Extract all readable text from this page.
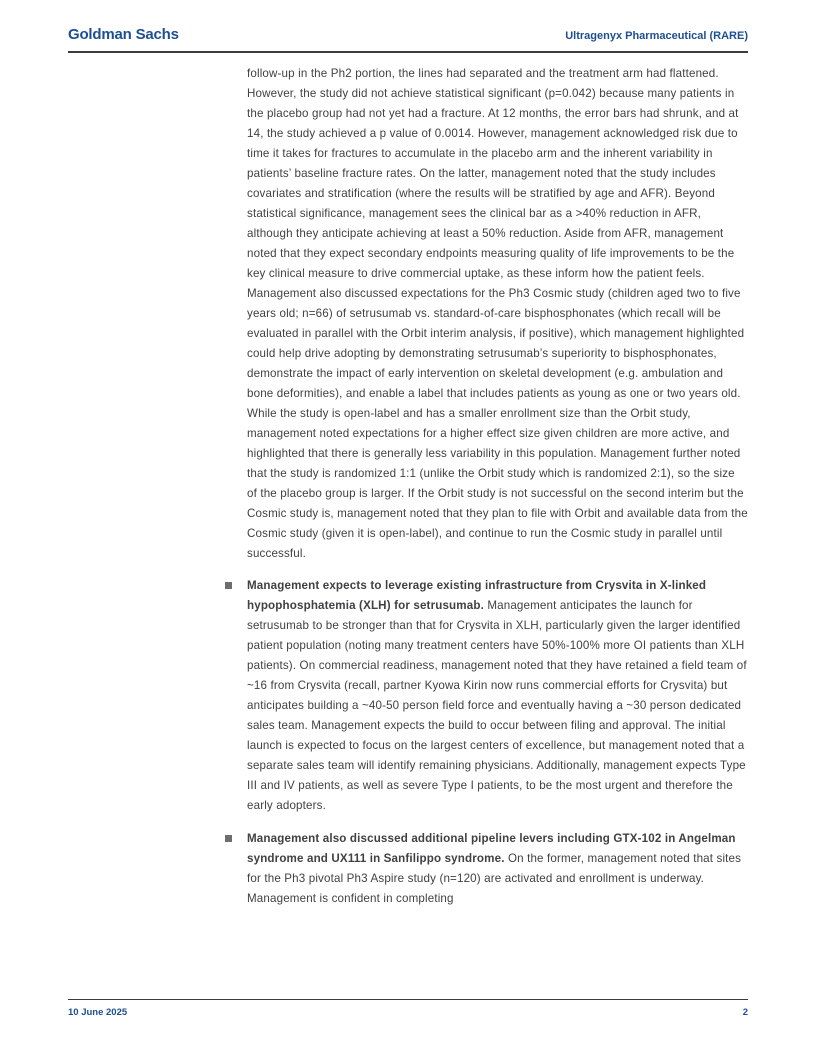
Goldman Sachs	Ultragenyx Pharmaceutical (RARE)

follow-up in the Ph2 portion, the lines had separated and the treatment arm had flattened. However, the study did not achieve statistical significant (p=0.042) because many patients in the placebo group had not yet had a fracture. At 12 months, the error bars had shrunk, and at 14, the study achieved a p value of 0.0014. However, management acknowledged risk due to time it takes for fractures to accumulate in the placebo arm and the inherent variability in patients’ baseline fracture rates. On the latter, management noted that the study includes covariates and stratification (where the results will be stratified by age and AFR). Beyond statistical significance, management sees the clinical bar as a >40% reduction in AFR, although they anticipate achieving at least a 50% reduction. Aside from AFR, management noted that they expect secondary endpoints measuring quality of life improvements to be the key clinical measure to drive commercial uptake, as these inform how the patient feels. Management also discussed expectations for the Ph3 Cosmic study (children aged two to five years old; n=66) of setrusumab vs. standard-of-care bisphosphonates (which recall will be evaluated in parallel with the Orbit interim analysis, if positive), which management highlighted could help drive adopting by demonstrating setrusumab’s superiority to bisphosphonates, demonstrate the impact of early intervention on skeletal development (e.g. ambulation and bone deformities), and enable a label that includes patients as young as one or two years old. While the study is open-label and has a smaller enrollment size than the Orbit study, management noted expectations for a higher effect size given children are more active, and highlighted that there is generally less variability in this population. Management further noted that the study is randomized 1:1 (unlike the Orbit study which is randomized 2:1), so the size of the placebo group is larger. If the Orbit study is not successful on the second interim but the Cosmic study is, management noted that they plan to file with Orbit and available data from the Cosmic study (given it is open-label), and continue to run the Cosmic study in parallel until successful.

Management expects to leverage existing infrastructure from Crysvita in X-linked hypophosphatemia (XLH) for setrusumab. Management anticipates the launch for setrusumab to be stronger than that for Crysvita in XLH, particularly given the larger identified patient population (noting many treatment centers have 50%-100% more OI patients than XLH patients). On commercial readiness, management noted that they have retained a field team of ~16 from Crysvita (recall, partner Kyowa Kirin now runs commercial efforts for Crysvita) but anticipates building a ~40-50 person field force and eventually having a ~30 person dedicated sales team. Management expects the build to occur between filing and approval. The initial launch is expected to focus on the largest centers of excellence, but management noted that a separate sales team will identify remaining physicians. Additionally, management expects Type III and IV patients, as well as severe Type I patients, to be the most urgent and therefore the early adopters.
Management also discussed additional pipeline levers including GTX-102 in Angelman syndrome and UX111 in Sanfilippo syndrome. On the former, management noted that sites for the Ph3 pivotal Ph3 Aspire study (n=120) are activated and enrollment is underway. Management is confident in completing
10 June 2025	2
